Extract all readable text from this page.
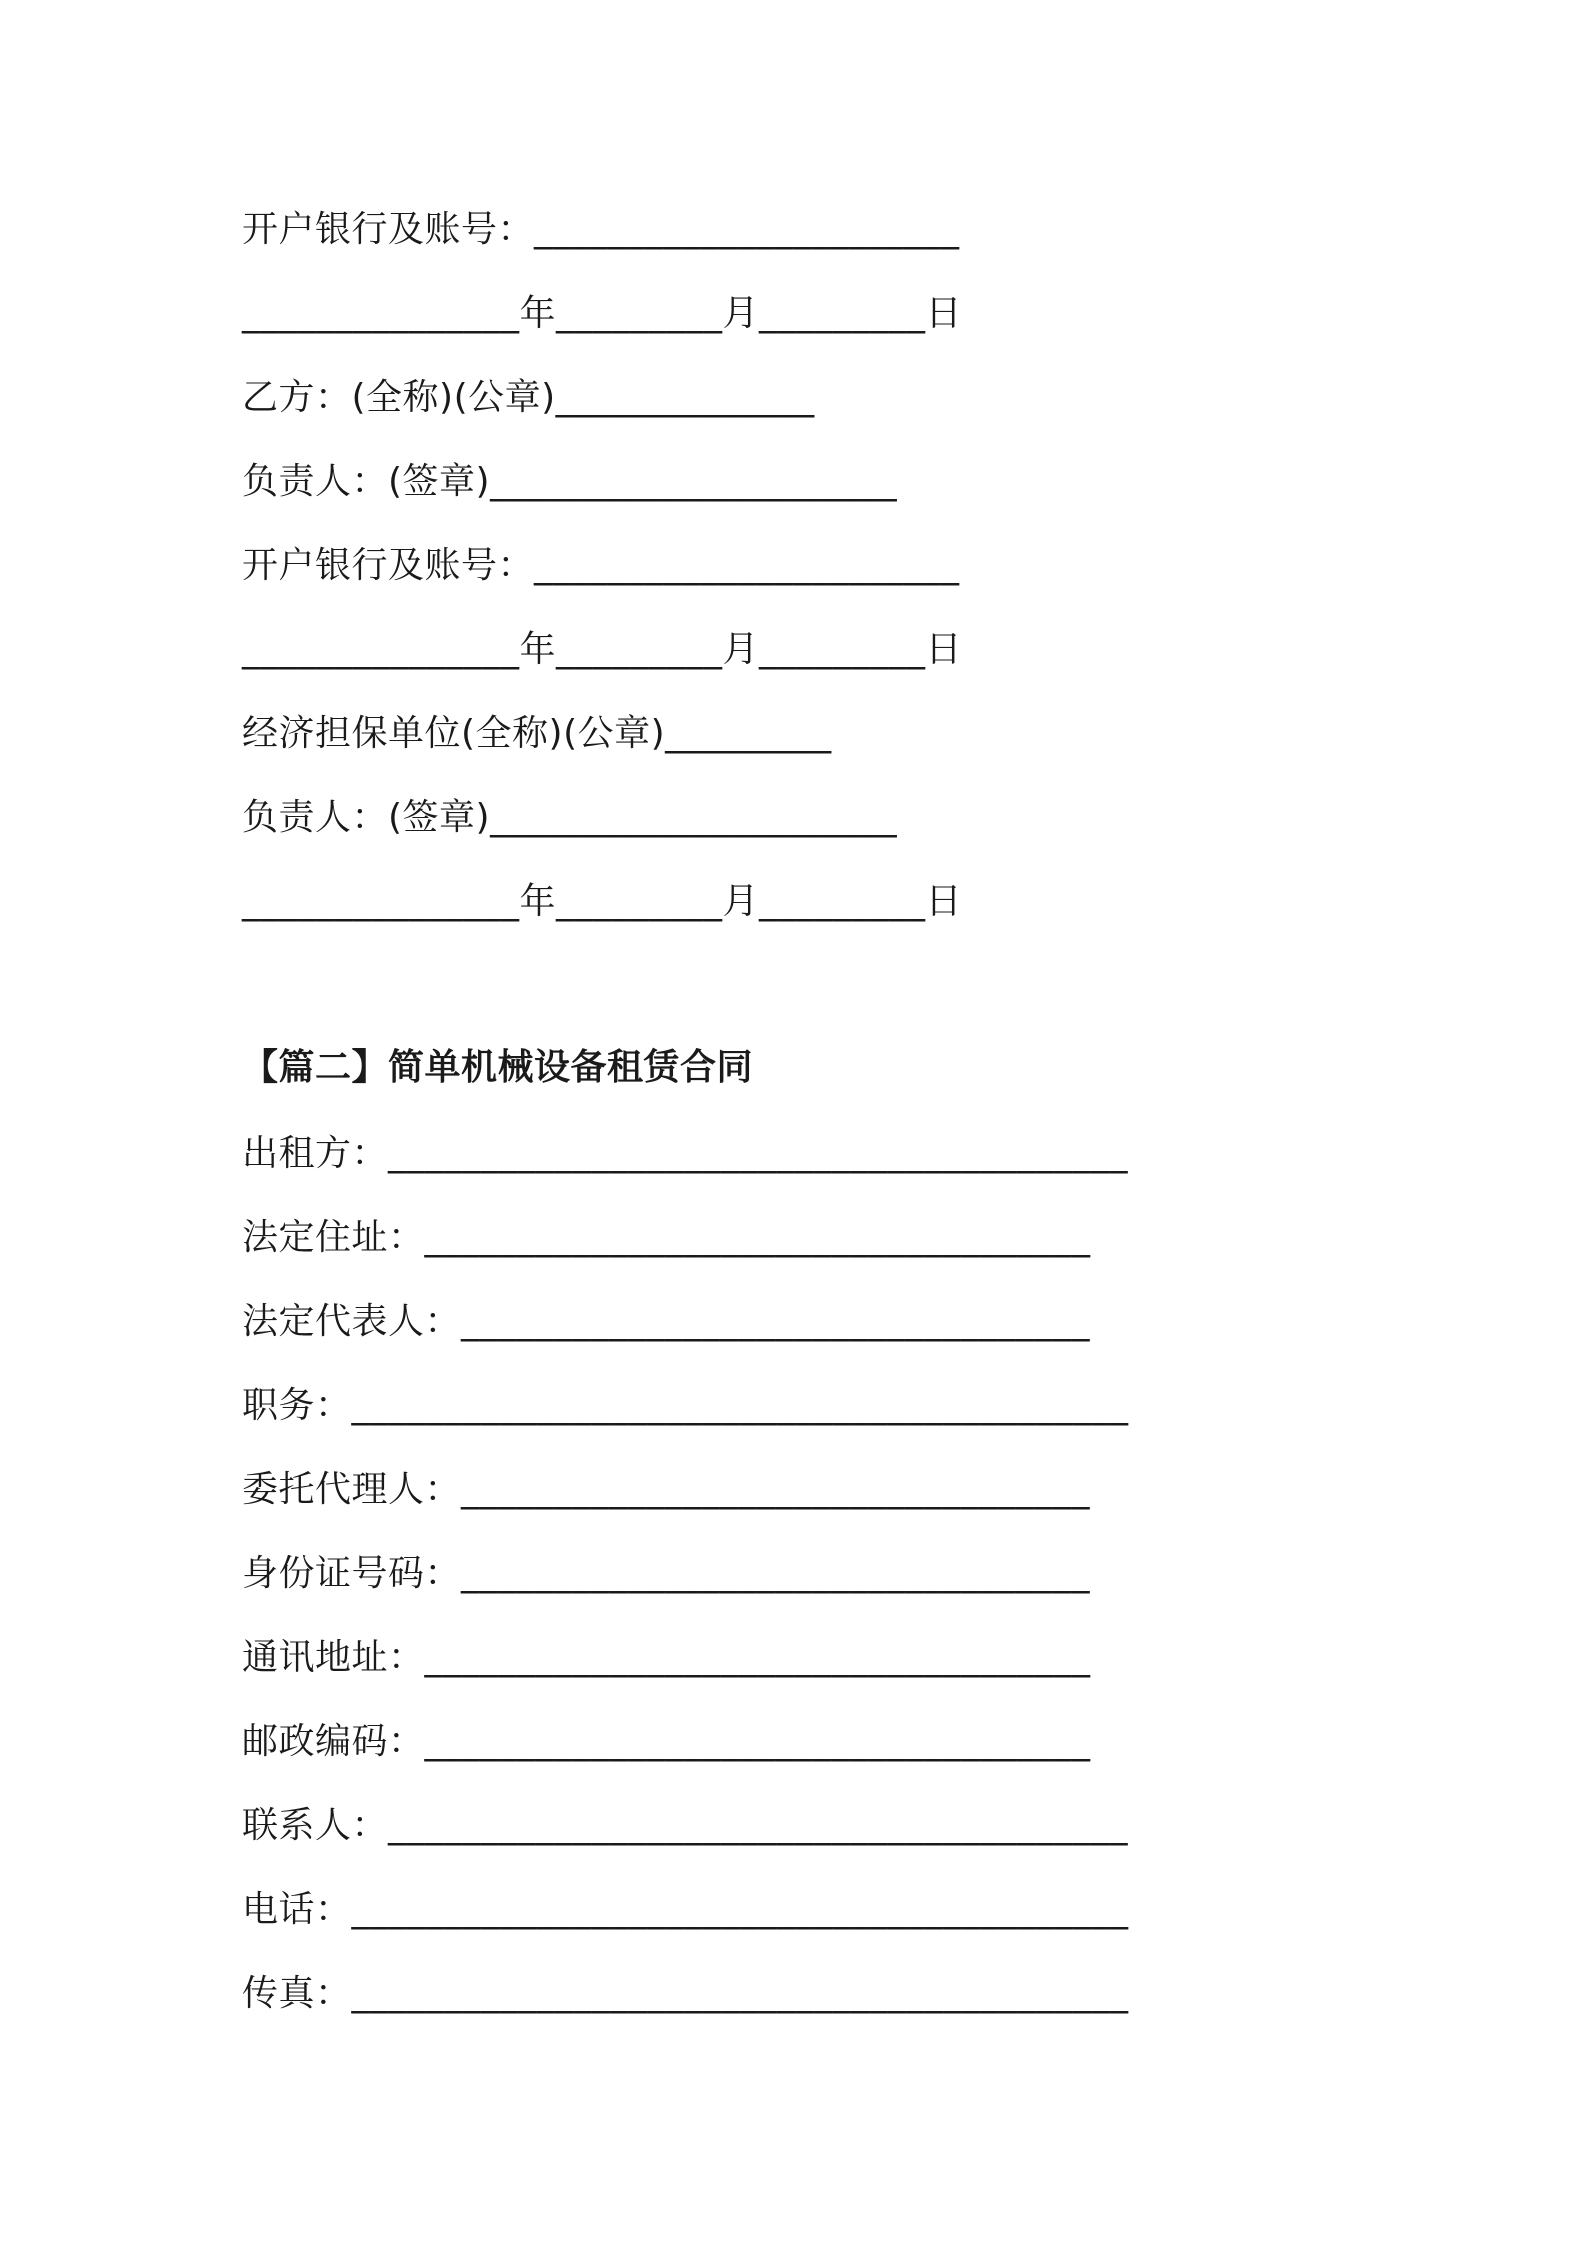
开户银行及账号：_______________________
_______________年_________月_________日
乙方：(全称)(公章)______________
负责人：(签章)______________________
开户银行及账号：_______________________
_______________年_________月_________日
经济担保单位(全称)(公章)_________
负责人：(签章)______________________
_______________年_________月_________日
【篇二】简单机械设备租赁合同
出租方：________________________________________
法定住址：____________________________________
法定代表人：__________________________________
职务：__________________________________________
委托代理人：__________________________________
身份证号码：__________________________________
通讯地址：____________________________________
邮政编码：____________________________________
联系人：________________________________________
电话：__________________________________________
传真：__________________________________________
